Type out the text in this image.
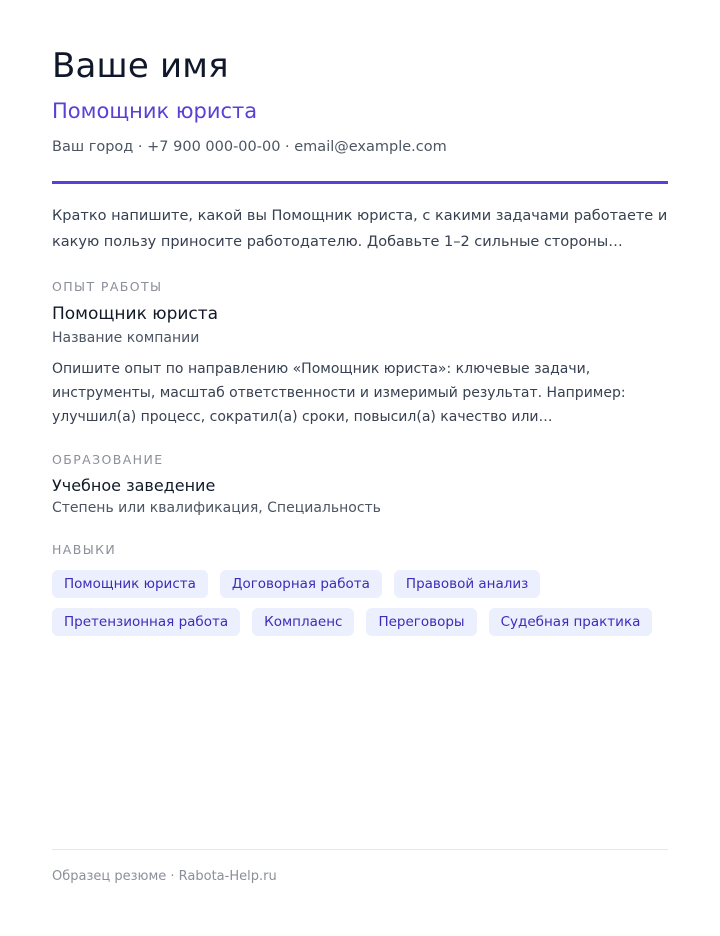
Ваше имя
Помощник юриста
Ваш город · +7 900 000-00-00 · email@example.com
Кратко напишите, какой вы Помощник юриста, с какими задачами работаете и какую пользу приносите работодателю. Добавьте 1–2 сильные стороны…
ОПЫТ РАБОТЫ
Помощник юриста
Название компании
Опишите опыт по направлению «Помощник юриста»: ключевые задачи, инструменты, масштаб ответственности и измеримый результат. Например: улучшил(а) процесс, сократил(а) сроки, повысил(а) качество или…
ОБРАЗОВАНИЕ
Учебное заведение
Степень или квалификация, Специальность
НАВЫКИ
Помощник юриста	Договорная работа	Правовой анализ
Претензионная работа	Комплаенс	Переговоры	Судебная практика
Образец резюме · Rabota-Help.ru
